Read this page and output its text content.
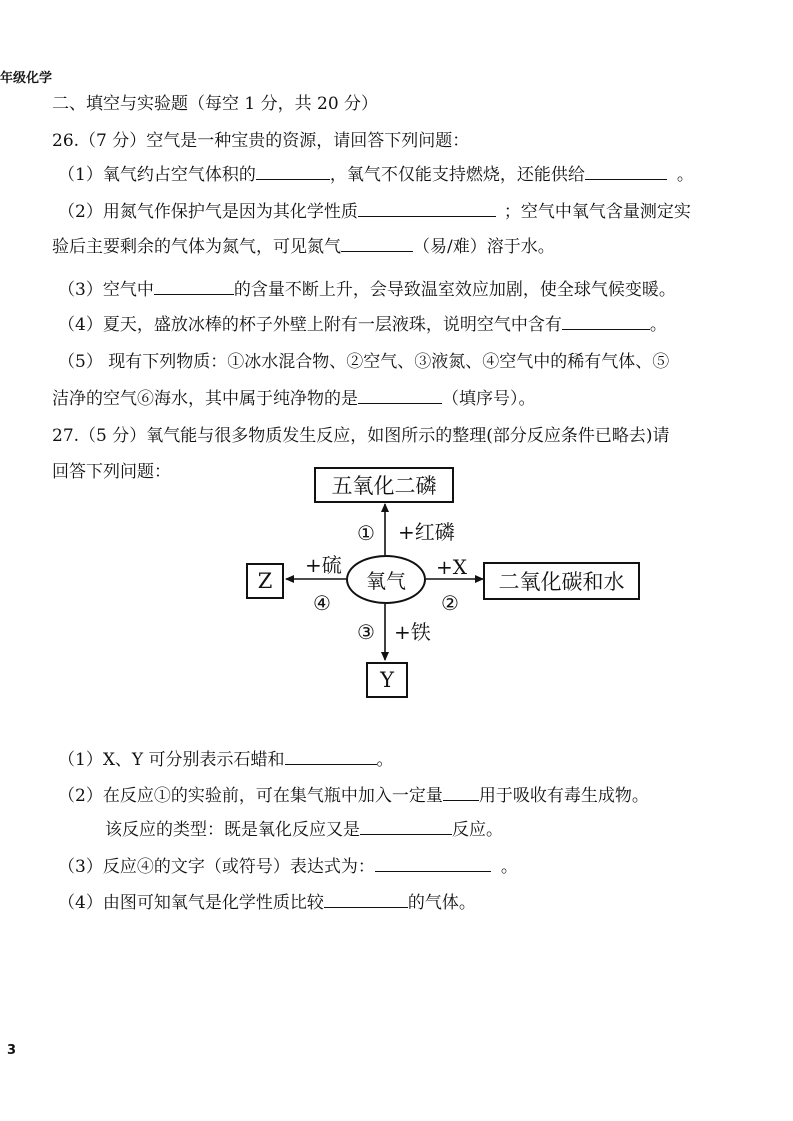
年级化学
二、填空与实验题（每空 1 分，共 20 分）
26.（7 分）空气是一种宝贵的资源，请回答下列问题：
（1）氧气约占空气体积的	，氧气不仅能支持燃烧，还能供给	。
（2）用氮气作保护气是因为其化学性质	；空气中氧气含量测定实
验后主要剩余的气体为氮气，可见氮气	（易/难）溶于水。
（3）空气中	的含量不断上升，会导致温室效应加剧，使全球气候变暖。
（4）夏天，盛放冰棒的杯子外壁上附有一层液珠，说明空气中含有	。
（5） 现有下列物质：①冰水混合物、②空气、③液氮、④空气中的稀有气体、⑤
洁净的空气⑥海水，其中属于纯净物的是	（填序号）。
27.（5 分）氧气能与很多物质发生反应，如图所示的整理(部分反应条件已略去)请
回答下列问题：
五氧化二磷
二氧化碳和水
Y
Z	氧气
① +红磷
+X
②
③ +铁
+硫
④
（1）X、Y 可分别表示石蜡和	。
（2）在反应①的实验前，可在集气瓶中加入一定量 用于吸收有毒生成物。
该反应的类型：既是氧化反应又是	反应。
（3）反应④的文字（或符号）表达式为：	。
（4）由图可知氧气是化学性质比较	的气体。
3
